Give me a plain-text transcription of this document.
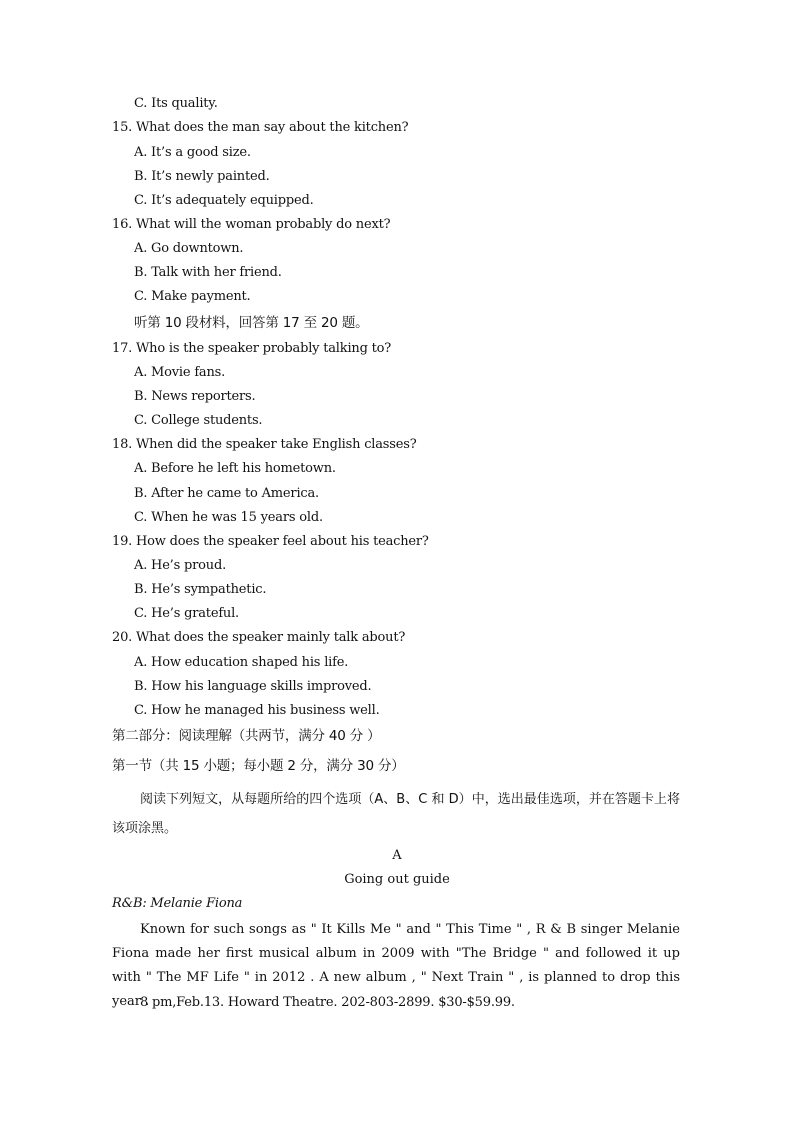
C. Its quality.
15. What does the man say about the kitchen?
A. It’s a good size.
B. It’s newly painted.
C. It’s adequately equipped.
16. What will the woman probably do next?
A. Go downtown.
B. Talk with her friend.
C. Make payment.
听第 10 段材料，回答第 17 至 20 题。
17. Who is the speaker probably talking to?
A. Movie fans.
B. News reporters.
C. College students.
18. When did the speaker take English classes?
A. Before he left his hometown.
B. After he came to America.
C. When he was 15 years old.
19. How does the speaker feel about his teacher?
A. He’s proud.
B. He’s sympathetic.
C. He’s grateful.
20. What does the speaker mainly talk about?
A. How education shaped his life.
B. How his language skills improved.
C. How he managed his business well.
第二部分：阅读理解（共两节，满分 40 分 ）
第一节（共 15 小题；每小题 2 分，满分 30 分）
阅读下列短文，从每题所给的四个选项（A、B、C 和 D）中，选出最佳选项，并在答题卡上将该项涂黑。
A
Going out guide
R&B: Melanie Fiona
Known for such songs as " It Kills Me " and " This Time " , R & B singer Melanie Fiona made her first musical album in 2009 with "The Bridge " and followed it up with " The MF Life " in 2012 . A new album , " Next Train " , is planned to drop this year .
8 pm,Feb.13. Howard Theatre. 202-803-2899. $30-$59.99.
